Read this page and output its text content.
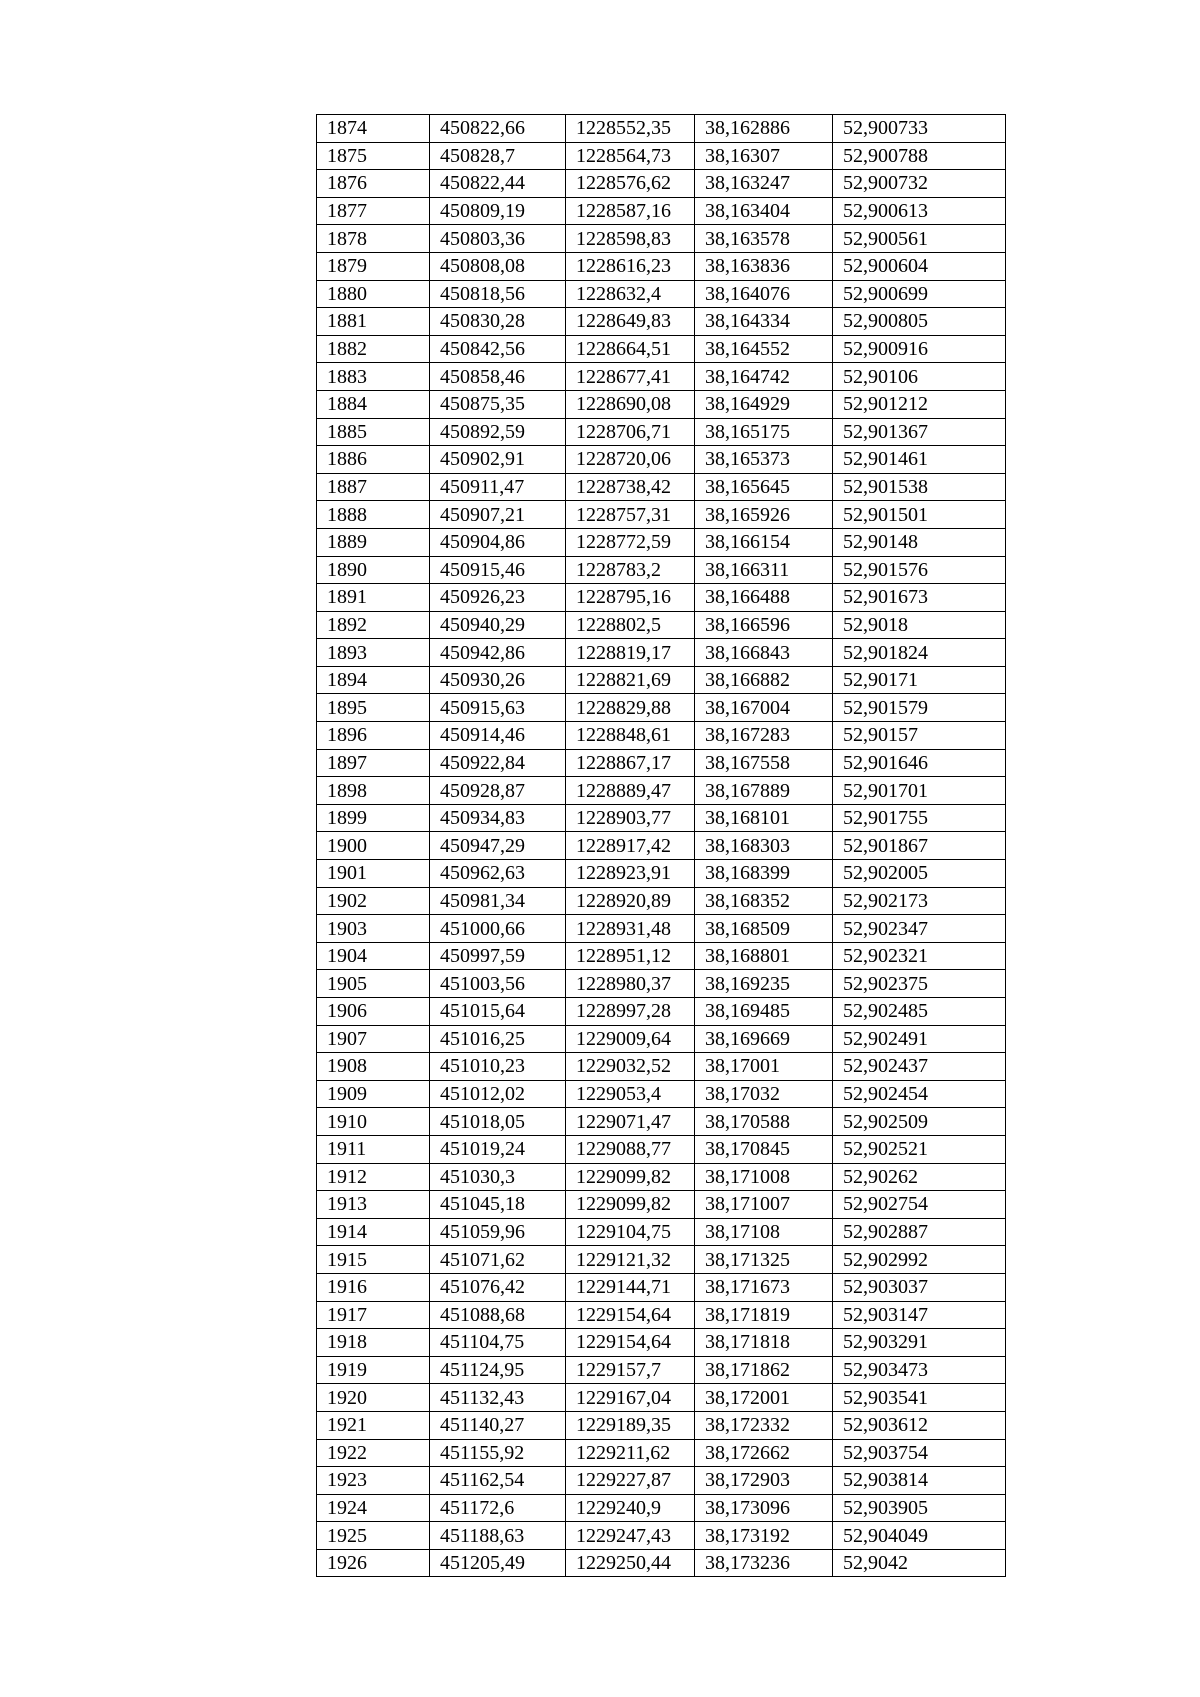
1874	450822,66	1228552,35	38,162886	52,900733
1875	450828,7	1228564,73	38,16307	52,900788
1876	450822,44	1228576,62	38,163247	52,900732
1877	450809,19	1228587,16	38,163404	52,900613
1878	450803,36	1228598,83	38,163578	52,900561
1879	450808,08	1228616,23	38,163836	52,900604
1880	450818,56	1228632,4	38,164076	52,900699
1881	450830,28	1228649,83	38,164334	52,900805
1882	450842,56	1228664,51	38,164552	52,900916
1883	450858,46	1228677,41	38,164742	52,90106
1884	450875,35	1228690,08	38,164929	52,901212
1885	450892,59	1228706,71	38,165175	52,901367
1886	450902,91	1228720,06	38,165373	52,901461
1887	450911,47	1228738,42	38,165645	52,901538
1888	450907,21	1228757,31	38,165926	52,901501
1889	450904,86	1228772,59	38,166154	52,90148
1890	450915,46	1228783,2	38,166311	52,901576
1891	450926,23	1228795,16	38,166488	52,901673
1892	450940,29	1228802,5	38,166596	52,9018
1893	450942,86	1228819,17	38,166843	52,901824
1894	450930,26	1228821,69	38,166882	52,90171
1895	450915,63	1228829,88	38,167004	52,901579
1896	450914,46	1228848,61	38,167283	52,90157
1897	450922,84	1228867,17	38,167558	52,901646
1898	450928,87	1228889,47	38,167889	52,901701
1899	450934,83	1228903,77	38,168101	52,901755
1900	450947,29	1228917,42	38,168303	52,901867
1901	450962,63	1228923,91	38,168399	52,902005
1902	450981,34	1228920,89	38,168352	52,902173
1903	451000,66	1228931,48	38,168509	52,902347
1904	450997,59	1228951,12	38,168801	52,902321
1905	451003,56	1228980,37	38,169235	52,902375
1906	451015,64	1228997,28	38,169485	52,902485
1907	451016,25	1229009,64	38,169669	52,902491
1908	451010,23	1229032,52	38,17001	52,902437
1909	451012,02	1229053,4	38,17032	52,902454
1910	451018,05	1229071,47	38,170588	52,902509
1911	451019,24	1229088,77	38,170845	52,902521
1912	451030,3	1229099,82	38,171008	52,90262
1913	451045,18	1229099,82	38,171007	52,902754
1914	451059,96	1229104,75	38,17108	52,902887
1915	451071,62	1229121,32	38,171325	52,902992
1916	451076,42	1229144,71	38,171673	52,903037
1917	451088,68	1229154,64	38,171819	52,903147
1918	451104,75	1229154,64	38,171818	52,903291
1919	451124,95	1229157,7	38,171862	52,903473
1920	451132,43	1229167,04	38,172001	52,903541
1921	451140,27	1229189,35	38,172332	52,903612
1922	451155,92	1229211,62	38,172662	52,903754
1923	451162,54	1229227,87	38,172903	52,903814
1924	451172,6	1229240,9	38,173096	52,903905
1925	451188,63	1229247,43	38,173192	52,904049
1926	451205,49	1229250,44	38,173236	52,9042
